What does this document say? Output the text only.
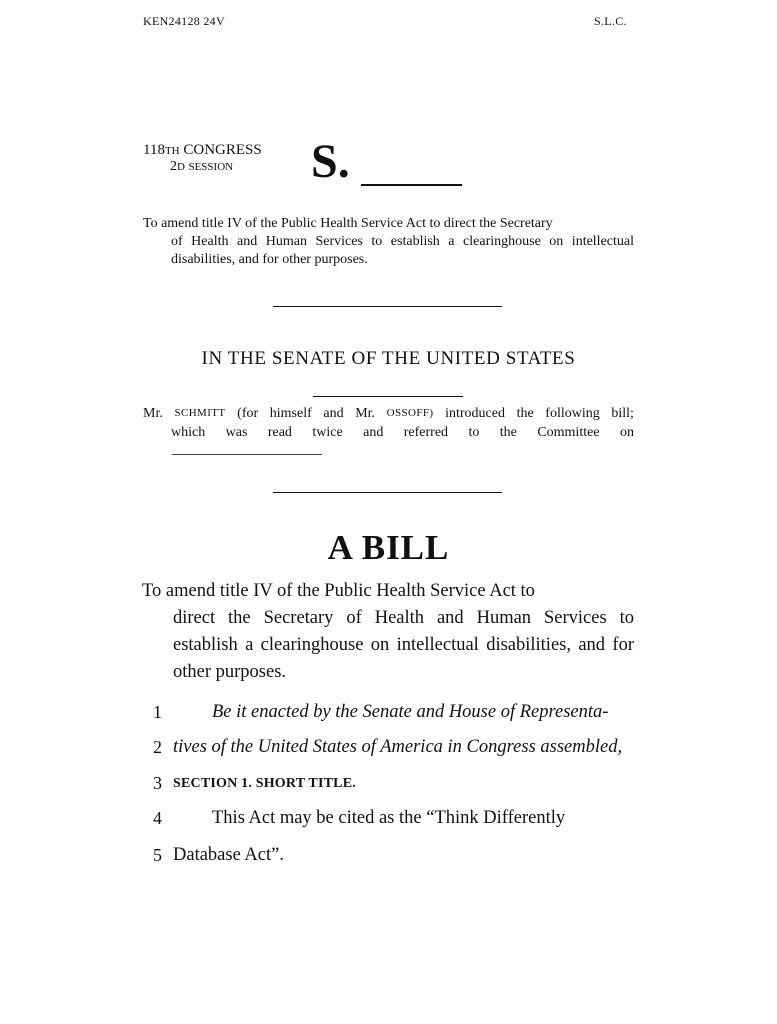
KEN24128 24V	S.L.C.
118TH CONGRESS
2D SESSION S.
To amend title IV of the Public Health Service Act to direct the Secretary
of Health and Human Services to establish a clearinghouse on intellectual disabilities, and for other purposes.
IN THE SENATE OF THE UNITED STATES
Mr. SCHMITT (for himself and Mr. OSSOFF) introduced the following bill;
which was read twice and referred to the Committee on
A BILL
To amend title IV of the Public Health Service Act to
direct the Secretary of Health and Human Services to establish a clearinghouse on intellectual disabilities, and for other purposes.
1	Be it enacted by the Senate and House of Representa-
2 tives of the United States of America in Congress assembled,
3 SECTION 1. SHORT TITLE.
4	This Act may be cited as the “Think Differently
5 Database Act”.
